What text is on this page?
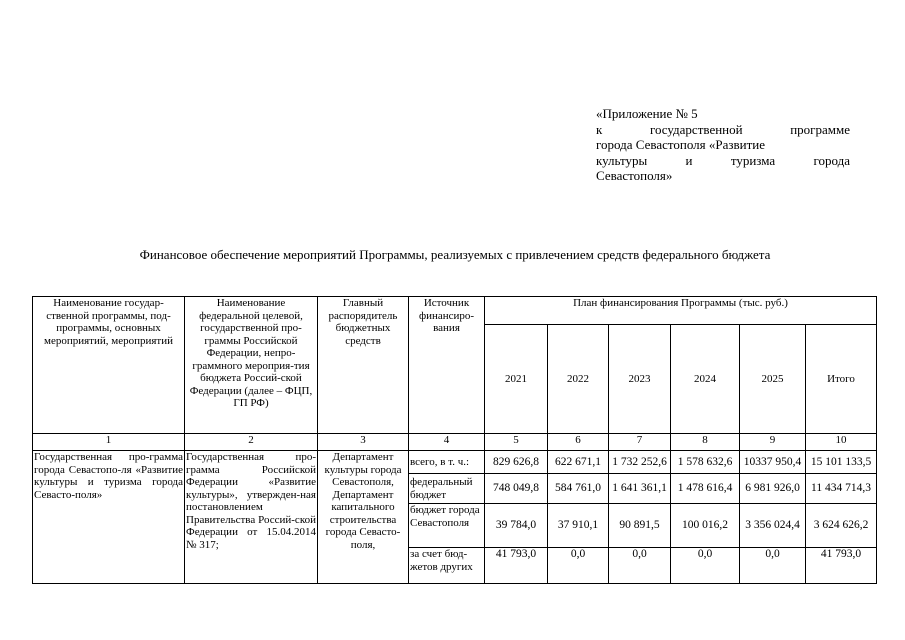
«Приложение № 5
к	государственной	программе
города Севастополя «Развитие
культуры	и	туризма	города
Севастополя»
Финансовое обеспечение мероприятий Программы, реализуемых с привлечением средств федерального бюджета
Наименование государ-ственной программы, под-программы, основных мероприятий, мероприятий	Наименование федеральной целевой, государственной про-граммы Российской Федерации, непро-граммного мероприя-тия бюджета Россий-ской Федерации (далее – ФЦП, ГП РФ)	Главный распорядитель бюджетных средств	Источник финансиро-вания	План финансирования Программы (тыс. руб.)					
				2021	2022	2023	2024	2025	Итого
1	2	3	4	5	6	7	8	9	10
Государственная про-грамма города Севастопо-ля «Развитие культуры и туризма города Севасто-поля»	Государственная про-грамма Российской Федерации «Развитие культуры», утвержден-ная постановлением Правительства Россий-ской Федерации от 15.04.2014 № 317;	Департамент культуры города Севастополя, Департамент капитального строительства города Севасто-поля,	всего, в т. ч.:	829 626,8	622 671,1	1 732 252,6	1 578 632,6	10337 950,4	15 101 133,5
			федеральный бюджет	748 049,8	584 761,0	1 641 361,1	1 478 616,4	6 981 926,0	11 434 714,3
			бюджет города Севастополя	39 784,0	37 910,1	90 891,5	100 016,2	3 356 024,4	3 624 626,2
			за счет бюд-жетов других	41 793,0	0,0	0,0	0,0	0,0	41 793,0
